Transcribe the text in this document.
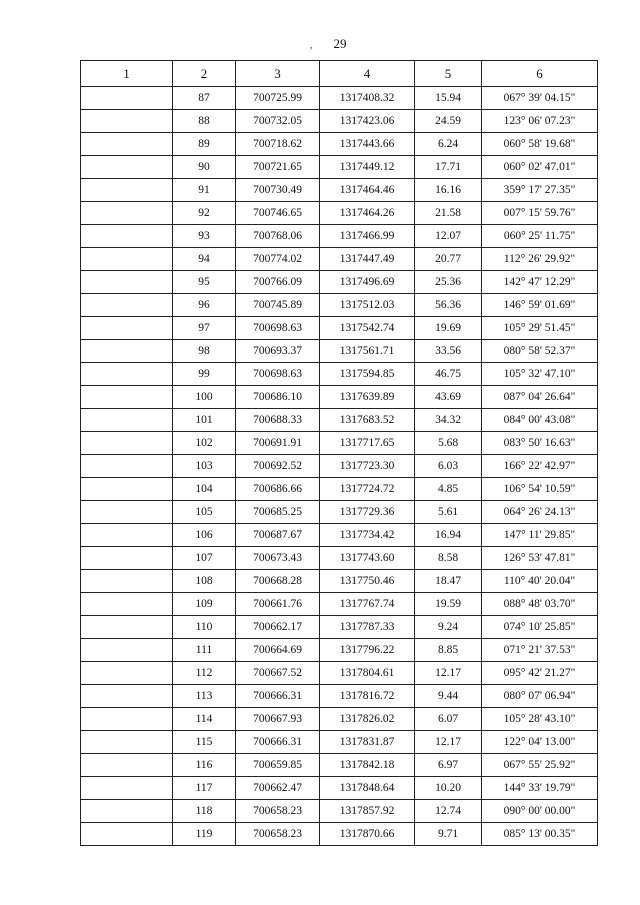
,	29
1	2	3	4	5	6
	87	700725.99	1317408.32	15.94	067° 39' 04.15"
	88	700732.05	1317423.06	24.59	123° 06' 07.23"
	89	700718.62	1317443.66	6.24	060° 58' 19.68"
	90	700721.65	1317449.12	17.71	060° 02' 47.01"
	91	700730.49	1317464.46	16.16	359° 17' 27.35"
	92	700746.65	1317464.26	21.58	007° 15' 59.76"
	93	700768.06	1317466.99	12.07	060° 25' 11.75"
	94	700774.02	1317447.49	20.77	112° 26' 29.92"
	95	700766.09	1317496.69	25.36	142° 47' 12.29"
	96	700745.89	1317512.03	56.36	146° 59' 01.69"
	97	700698.63	1317542.74	19.69	105° 29' 51.45"
	98	700693.37	1317561.71	33.56	080° 58' 52.37"
	99	700698.63	1317594.85	46.75	105° 32' 47.10"
	100	700686.10	1317639.89	43.69	087° 04' 26.64"
	101	700688.33	1317683.52	34.32	084° 00' 43.08"
	102	700691.91	1317717.65	5.68	083° 50' 16.63"
	103	700692.52	1317723.30	6.03	166° 22' 42.97"
	104	700686.66	1317724.72	4.85	106° 54' 10.59"
	105	700685.25	1317729.36	5.61	064° 26' 24.13"
	106	700687.67	1317734.42	16.94	147° 11' 29.85"
	107	700673.43	1317743.60	8.58	126° 53' 47.81"
	108	700668.28	1317750.46	18.47	110° 40' 20.04"
	109	700661.76	1317767.74	19.59	088° 48' 03.70"
	110	700662.17	1317787.33	9.24	074° 10' 25.85"
	111	700664.69	1317796.22	8.85	071° 21' 37.53"
	112	700667.52	1317804.61	12.17	095° 42' 21.27"
	113	700666.31	1317816.72	9.44	080° 07' 06.94"
	114	700667.93	1317826.02	6.07	105° 28' 43.10"
	115	700666.31	1317831.87	12.17	122° 04' 13.00"
	116	700659.85	1317842.18	6.97	067° 55' 25.92"
	117	700662.47	1317848.64	10.20	144° 33' 19.79"
	118	700658.23	1317857.92	12.74	090° 00' 00.00"
	119	700658.23	1317870.66	9.71	085° 13' 00.35"
